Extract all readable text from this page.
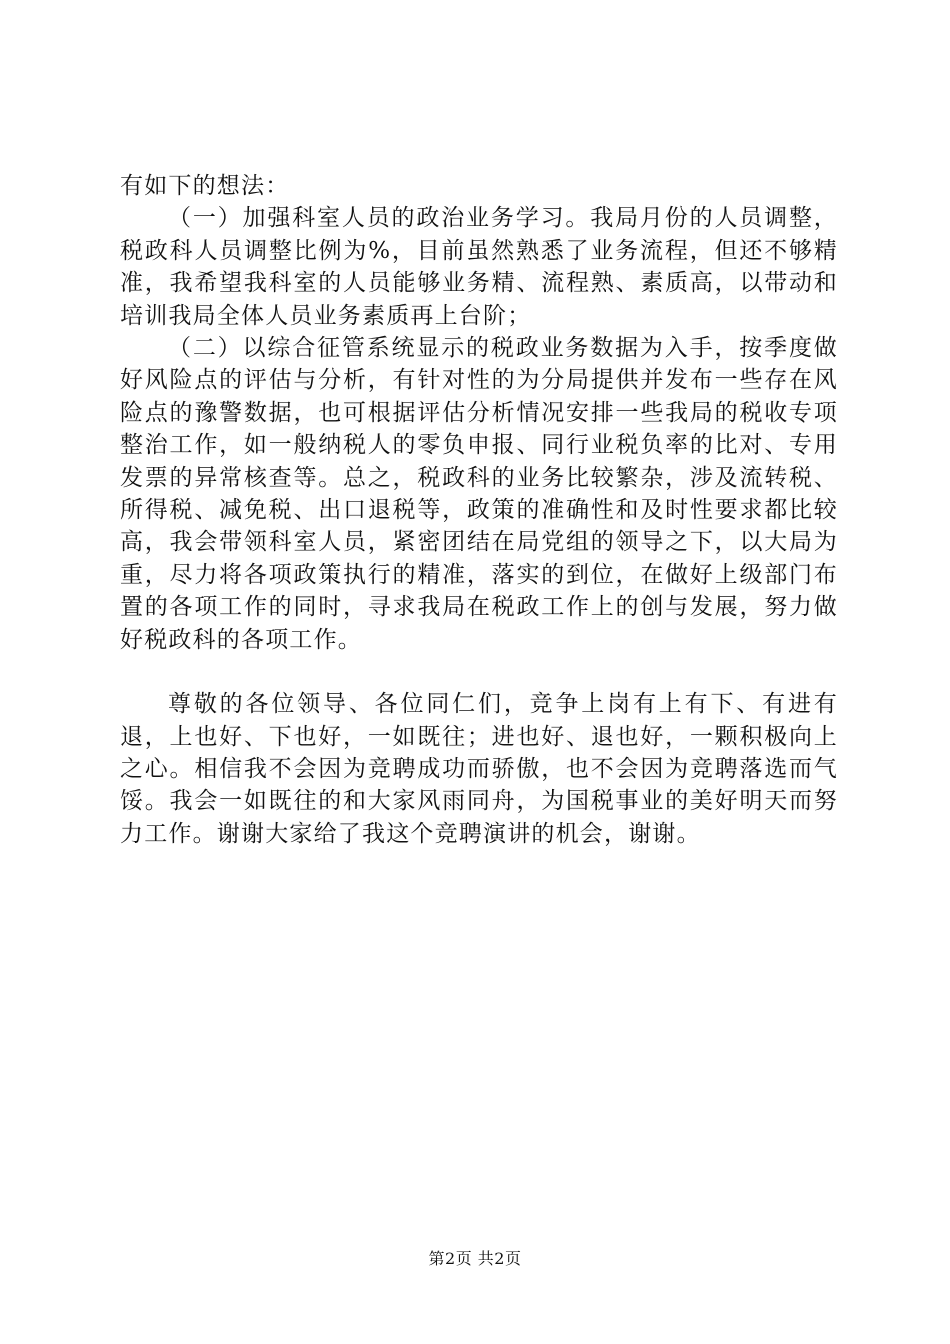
有如下的想法：

（一）加强科室人员的政治业务学习。我局月份的人员调整，税政科人员调整比例为%，目前虽然熟悉了业务流程，但还不够精准，我希望我科室的人员能够业务精、流程熟、素质高，以带动和培训我局全体人员业务素质再上台阶；

（二）以综合征管系统显示的税政业务数据为入手，按季度做好风险点的评估与分析，有针对性的为分局提供并发布一些存在风险点的豫警数据，也可根据评估分析情况安排一些我局的税收专项整治工作，如一般纳税人的零负申报、同行业税负率的比对、专用发票的异常核查等。总之，税政科的业务比较繁杂，涉及流转税、所得税、减免税、出口退税等，政策的准确性和及时性要求都比较高，我会带领科室人员，紧密团结在局党组的领导之下，以大局为重，尽力将各项政策执行的精准，落实的到位，在做好上级部门布置的各项工作的同时，寻求我局在税政工作上的创与发展，努力做好税政科的各项工作。

尊敬的各位领导、各位同仁们，竞争上岗有上有下、有进有退，上也好、下也好，一如既往；进也好、退也好，一颗积极向上之心。相信我不会因为竞聘成功而骄傲，也不会因为竞聘落选而气馁。我会一如既往的和大家风雨同舟，为国税事业的美好明天而努力工作。谢谢大家给了我这个竞聘演讲的机会，谢谢。

第2页 共2页
